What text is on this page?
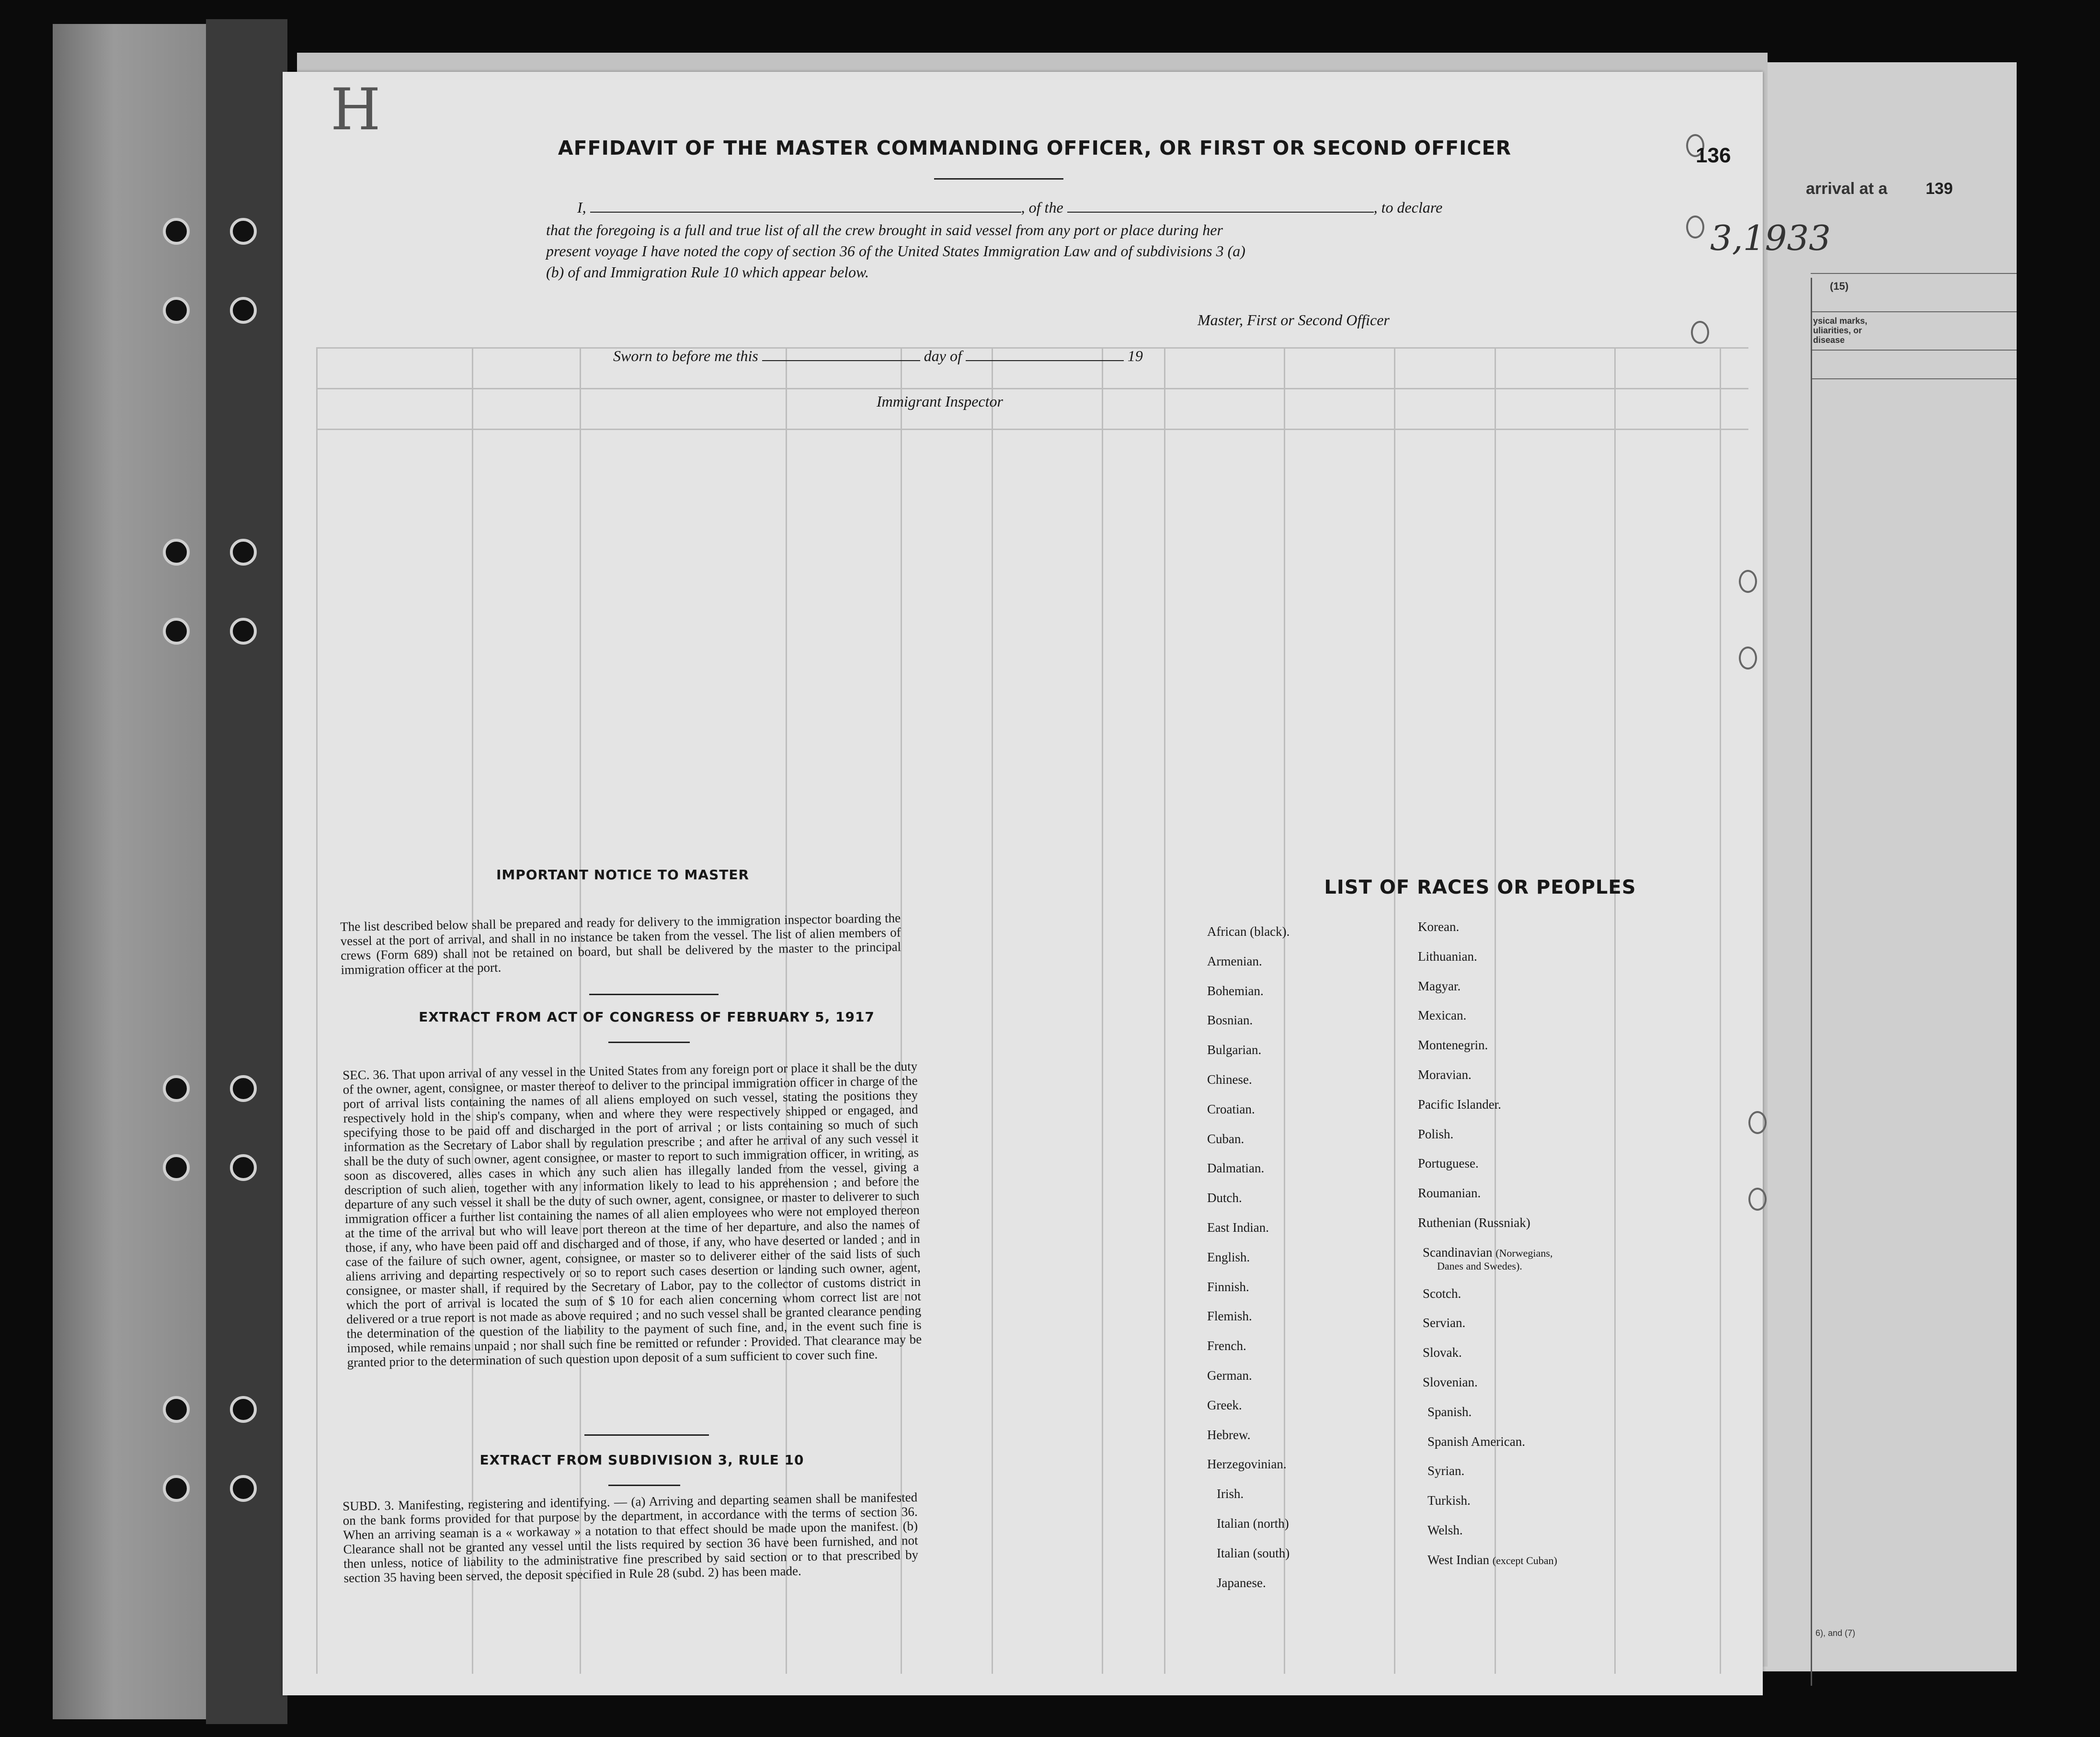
arrival at a 139
(15)
ysical marks, uliarities, or disease
6), and (7)
H
136
3,1933
AFFIDAVIT OF THE MASTER COMMANDING OFFICER, OR FIRST OR SECOND OFFICER
I,	, of the	, to declare
that the foregoing is a full and true list of all the crew brought in said vessel from any port or place during her
present voyage I have noted the copy of section 36 of the United States Immigration Law and of subdivisions 3 (a)
(b) of and Immigration Rule 10 which appear below.
Master, First or Second Officer
Sworn to before me this	day of	19
Immigrant Inspector
IMPORTANT NOTICE TO MASTER
The list described below shall be prepared and ready for delivery to the immigration inspector boarding the vessel at the port of arrival, and shall in no instance be taken from the vessel. The list of alien members of crews (Form 689) shall not be retained on board, but shall be delivered by the master to the principal immigration officer at the port.
EXTRACT FROM ACT OF CONGRESS OF FEBRUARY 5, 1917
SEC. 36. That upon arrival of any vessel in the United States from any foreign port or place it shall be the duty of the owner, agent, consignee, or master thereof to deliver to the principal immigration officer in charge of the port of arrival lists containing the names of all aliens employed on such vessel, stating the positions they respectively hold in the ship's company, when and where they were respectively shipped or engaged, and specifying those to be paid off and discharged in the port of arrival ; or lists containing so much of such information as the Secretary of Labor shall by regulation prescribe ; and after he arrival of any such vessel it shall be the duty of such owner, agent consignee, or master to report to such immigration officer, in writing, as soon as discovered, alles cases in which any such alien has illegally landed from the vessel, giving a description of such alien, together with any information likely to lead to his apprehension ; and before the departure of any such vessel it shall be the duty of such owner, agent, consignee, or master to deliverer to such immigration officer a further list containing the names of all alien employees who were not employed thereon at the time of the arrival but who will leave port thereon at the time of her departure, and also the names of those, if any, who have been paid off and discharged and of those, if any, who have deserted or landed ; and in case of the failure of such owner, agent, consignee, or master so to deliverer either of the said lists of such aliens arriving and departing respectively or so to report such cases desertion or landing such owner, agent, consignee, or master shall, if required by the Secretary of Labor, pay to the collector of customs district in which the port of arrival is located the sum of $ 10 for each alien concerning whom correct list are not delivered or a true report is not made as above required ; and no such vessel shall be granted clearance pending the determination of the question of the liability to the payment of such fine, and, in the event such fine is imposed, while remains unpaid ; nor shall such fine be remitted or refunder : Provided. That clearance may be granted prior to the determination of such question upon deposit of a sum sufficient to cover such fine.
EXTRACT FROM SUBDIVISION 3, RULE 10
SUBD. 3. Manifesting, registering and identifying. — (a) Arriving and departing seamen shall be manifested on the bank forms provided for that purpose by the department, in accordance with the terms of section 36. When an arriving seaman is a « workaway » a notation to that effect should be made upon the manifest. (b) Clearance shall not be granted any vessel until the lists required by section 36 have been furnished, and not then unless, notice of liability to the administrative fine prescribed by said section or to that prescribed by section 35 having been served, the deposit specified in Rule 28 (subd. 2) has been made.
LIST OF RACES OR PEOPLES
African (black).
Armenian.
Bohemian.
Bosnian.
Bulgarian.
Chinese.
Croatian.
Cuban.
Dalmatian.
Dutch.
East Indian.
English.
Finnish.
Flemish.
French.
German.
Greek.
Hebrew.
Herzegovinian.
Irish.
Italian (north)
Italian (south)
Japanese.
Korean.
Lithuanian.
Magyar.
Mexican.
Montenegrin.
Moravian.
Pacific Islander.
Polish.
Portuguese.
Roumanian.
Ruthenian (Russniak)
Scandinavian (Norwegians,
Danes and Swedes).
Scotch.
Servian.
Slovak.
Slovenian.
Spanish.
Spanish American.
Syrian.
Turkish.
Welsh.
West Indian (except Cuban)
